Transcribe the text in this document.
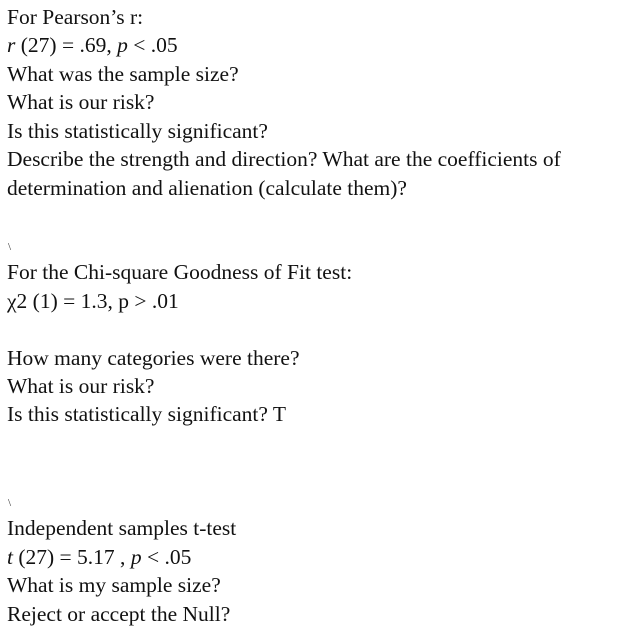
For Pearson’s r:
r (27) = .69, p < .05
What was the sample size?
What is our risk?
Is this statistically significant?
Describe the strength and direction? What are the coefficients of
determination and alienation (calculate them)?
\
For the Chi-square Goodness of Fit test:
χ2 (1) = 1.3, p > .01
How many categories were there?
What is our risk?
Is this statistically significant? T
\
Independent samples t-test
t (27) = 5.17 , p < .05
What is my sample size?
Reject or accept the Null?
